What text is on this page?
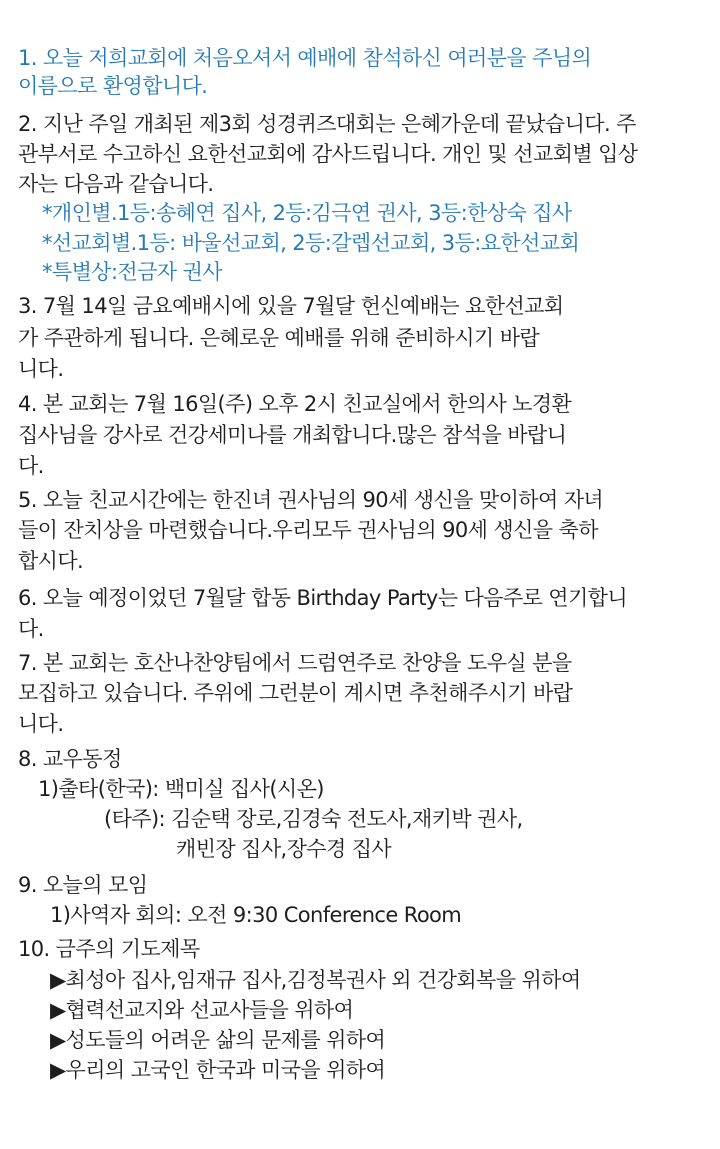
1. 오늘 저희교회에 처음오셔서 예배에 참석하신 여러분을 주님의
이름으로 환영합니다.
2. 지난 주일 개최된 제3회 성경퀴즈대회는 은혜가운데 끝났습니다. 주
관부서로 수고하신 요한선교회에 감사드립니다. 개인 및 선교회별 입상
자는 다음과 같습니다.
*개인별.1등:송혜연 집사, 2등:김극연 권사, 3등:한상숙 집사
*선교회별.1등: 바울선교회, 2등:갈렙선교회, 3등:요한선교회
*특별상:전금자 권사
3. 7월 14일 금요예배시에 있을 7월달 헌신예배는 요한선교회
가 주관하게 됩니다. 은혜로운 예배를 위해 준비하시기 바랍
니다.
4. 본 교회는 7월 16일(주) 오후 2시 친교실에서 한의사 노경환
집사님을 강사로 건강세미나를 개최합니다.많은 참석을 바랍니
다.
5. 오늘 친교시간에는 한진녀 권사님의 90세 생신을 맞이하여 자녀
들이 잔치상을 마련했습니다.우리모두 권사님의 90세 생신을 축하
합시다.
6. 오늘 예정이었던 7월달 합동 Birthday Party는 다음주로 연기합니
다.
7. 본 교회는 호산나찬양팀에서 드럼연주로 찬양을 도우실 분을
모집하고 있습니다. 주위에 그런분이 계시면 추천해주시기 바랍
니다.
8. 교우동정
1)출타(한국): 백미실 집사(시온)
(타주): 김순택 장로,김경숙 전도사,재키박 권사,
캐빈장 집사,장수경 집사
9. 오늘의 모임
1)사역자 회의: 오전 9:30 Conference Room
10. 금주의 기도제목
▶최성아 집사,임재규 집사,김정복권사 외 건강회복을 위하여
▶협력선교지와 선교사들을 위하여
▶성도들의 어려운 삶의 문제를 위하여
▶우리의 고국인 한국과 미국을 위하여
